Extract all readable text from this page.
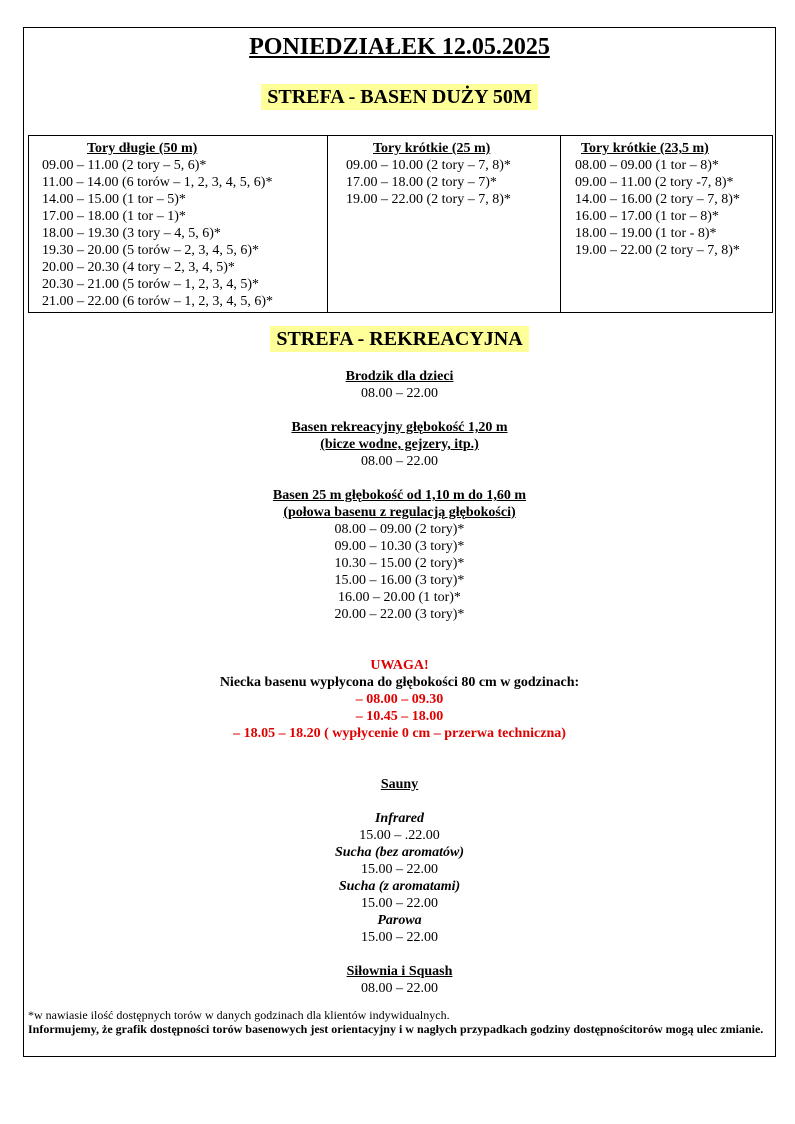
PONIEDZIAŁEK 12.05.2025
STREFA - BASEN DUŻY 50M
Tory długie (50 m)
09.00 – 11.00 (2 tory – 5, 6)*
11.00 – 14.00 (6 torów – 1, 2, 3, 4, 5, 6)*
14.00 – 15.00 (1 tor – 5)*
17.00 – 18.00 (1 tor – 1)*
18.00 – 19.30 (3 tory – 4, 5, 6)*
19.30 – 20.00 (5 torów – 2, 3, 4, 5, 6)*
20.00 – 20.30 (4 tory – 2, 3, 4, 5)*
20.30 – 21.00 (5 torów – 1, 2, 3, 4, 5)*
21.00 – 22.00 (6 torów – 1, 2, 3, 4, 5, 6)*
Tory krótkie (25 m)
09.00 – 10.00 (2 tory – 7, 8)*
17.00 – 18.00 (2 tory – 7)*
19.00 – 22.00 (2 tory – 7, 8)*
Tory krótkie (23,5 m)
08.00 – 09.00 (1 tor – 8)*
09.00 – 11.00 (2 tory -7, 8)*
14.00 – 16.00 (2 tory – 7, 8)*
16.00 – 17.00 (1 tor – 8)*
18.00 – 19.00 (1 tor - 8)*
19.00 – 22.00 (2 tory – 7, 8)*
STREFA - REKREACYJNA
Brodzik dla dzieci
08.00 – 22.00
Basen rekreacyjny głębokość 1,20 m
(bicze wodne, gejzery, itp.)
08.00 – 22.00
Basen 25 m głębokość od 1,10 m do 1,60 m
(połowa basenu z regulacją głębokości)
08.00 – 09.00 (2 tory)*
09.00 – 10.30 (3 tory)*
10.30 – 15.00 (2 tory)*
15.00 – 16.00 (3 tory)*
16.00 – 20.00 (1 tor)*
20.00 – 22.00 (3 tory)*
UWAGA!
Niecka basenu wypłycona do głębokości 80 cm w godzinach:
– 08.00 – 09.30
– 10.45 – 18.00
– 18.05 – 18.20 ( wypłycenie 0 cm – przerwa techniczna)
Sauny
Infrared
15.00 – .22.00
Sucha (bez aromatów)
15.00 – 22.00
Sucha (z aromatami)
15.00 – 22.00
Parowa
15.00 – 22.00
Siłownia i Squash
08.00 – 22.00
*w nawiasie ilość dostępnych torów w danych godzinach dla klientów indywidualnych.
Informujemy, że grafik dostępności torów basenowych jest orientacyjny i w nagłych przypadkach godziny dostępnościtorów mogą ulec zmianie.
